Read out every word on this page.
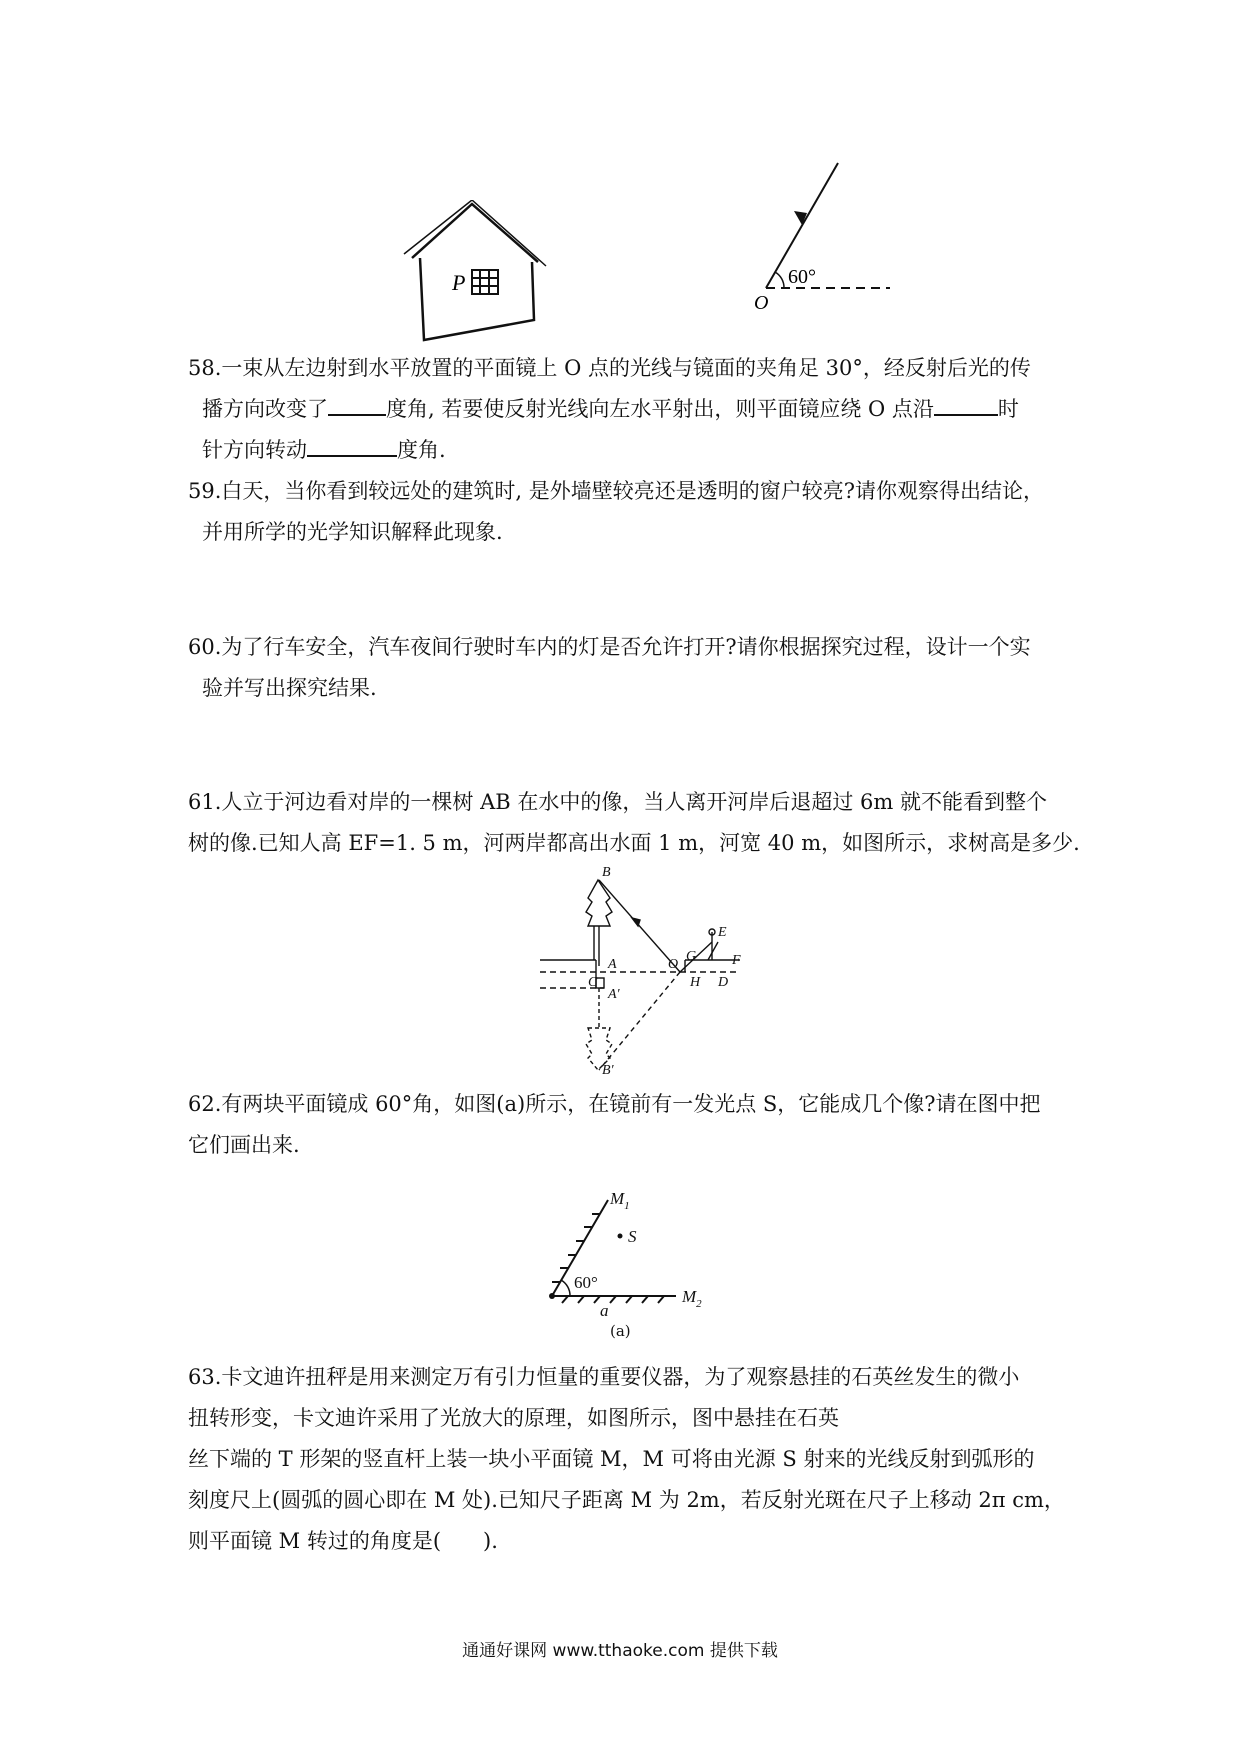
P	60°
O
58.一束从左边射到水平放置的平面镜上 O 点的光线与镜面的夹角足 30°，经反射后光的传
播方向改变了	度角, 若要使反射光线向左水平射出，则平面镜应绕 O 点沿	时
针方向转动	度角.
59.白天，当你看到较远处的建筑时, 是外墙壁较亮还是透明的窗户较亮?请你观察得出结论，
并用所学的光学知识解释此现象.
60.为了行车安全，汽车夜间行驶时车内的灯是否允许打开?请你根据探究过程，设计一个实
验并写出探究结果.
61.人立于河边看对岸的一棵树 AB 在水中的像，当人离开河岸后退超过 6m 就不能看到整个
树的像.已知人高 EF=1. 5 m，河两岸都高出水面 1 m，河宽 40 m，如图所示，求树高是多少.
B
A
C
A′
B′
O
G
E
F
H D
62.有两块平面镜成 60°角，如图(a)所示，在镜前有一发光点 S，它能成几个像?请在图中把
它们画出来.
$M_1$
S
$M_2$
a
60°
(a)
63.卡文迪许扭秤是用来测定万有引力恒量的重要仪器，为了观察悬挂的石英丝发生的微小
扭转形变，卡文迪许采用了光放大的原理，如图所示，图中悬挂在石英
丝下端的 T 形架的竖直杆上装一块小平面镜 M，M 可将由光源 S 射来的光线反射到弧形的
刻度尺上(圆弧的圆心即在 M 处).已知尺子距离 M 为 2m，若反射光斑在尺子上移动 2π cm，
则平面镜 M 转过的角度是(　　).
通通好课网 www.tthaoke.com 提供下载
